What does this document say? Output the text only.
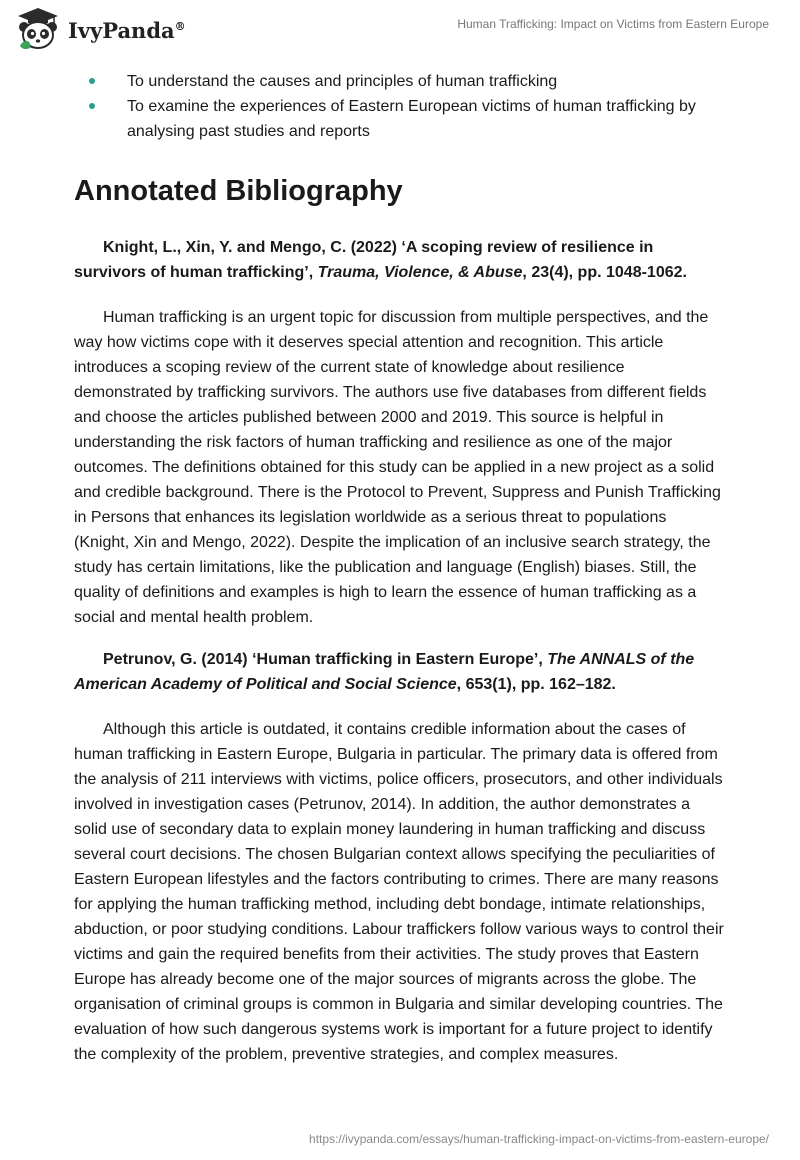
IvyPanda®	Human Trafficking: Impact on Victims from Eastern Europe
To understand the causes and principles of human trafficking
To examine the experiences of Eastern European victims of human trafficking by analysing past studies and reports
Annotated Bibliography

Knight, L., Xin, Y. and Mengo, C. (2022) ‘A scoping review of resilience in survivors of human trafficking’, Trauma, Violence, & Abuse, 23(4), pp. 1048-1062.

Human trafficking is an urgent topic for discussion from multiple perspectives, and the way how victims cope with it deserves special attention and recognition. This article introduces a scoping review of the current state of knowledge about resilience demonstrated by trafficking survivors. The authors use five databases from different fields and choose the articles published between 2000 and 2019. This source is helpful in understanding the risk factors of human trafficking and resilience as one of the major outcomes. The definitions obtained for this study can be applied in a new project as a solid and credible background. There is the Protocol to Prevent, Suppress and Punish Trafficking in Persons that enhances its legislation worldwide as a serious threat to populations (Knight, Xin and Mengo, 2022). Despite the implication of an inclusive search strategy, the study has certain limitations, like the publication and language (English) biases. Still, the quality of definitions and examples is high to learn the essence of human trafficking as a social and mental health problem.

Petrunov, G. (2014) ‘Human trafficking in Eastern Europe’, The ANNALS of the American Academy of Political and Social Science, 653(1), pp. 162–182.

Although this article is outdated, it contains credible information about the cases of human trafficking in Eastern Europe, Bulgaria in particular. The primary data is offered from the analysis of 211 interviews with victims, police officers, prosecutors, and other individuals involved in investigation cases (Petrunov, 2014). In addition, the author demonstrates a solid use of secondary data to explain money laundering in human trafficking and discuss several court decisions. The chosen Bulgarian context allows specifying the peculiarities of Eastern European lifestyles and the factors contributing to crimes. There are many reasons for applying the human trafficking method, including debt bondage, intimate relationships, abduction, or poor studying conditions. Labour traffickers follow various ways to control their victims and gain the required benefits from their activities. The study proves that Eastern Europe has already become one of the major sources of migrants across the globe. The organisation of criminal groups is common in Bulgaria and similar developing countries. The evaluation of how such dangerous systems work is important for a future project to identify the complexity of the problem, preventive strategies, and complex measures.

https://ivypanda.com/essays/human-trafficking-impact-on-victims-from-eastern-europe/
